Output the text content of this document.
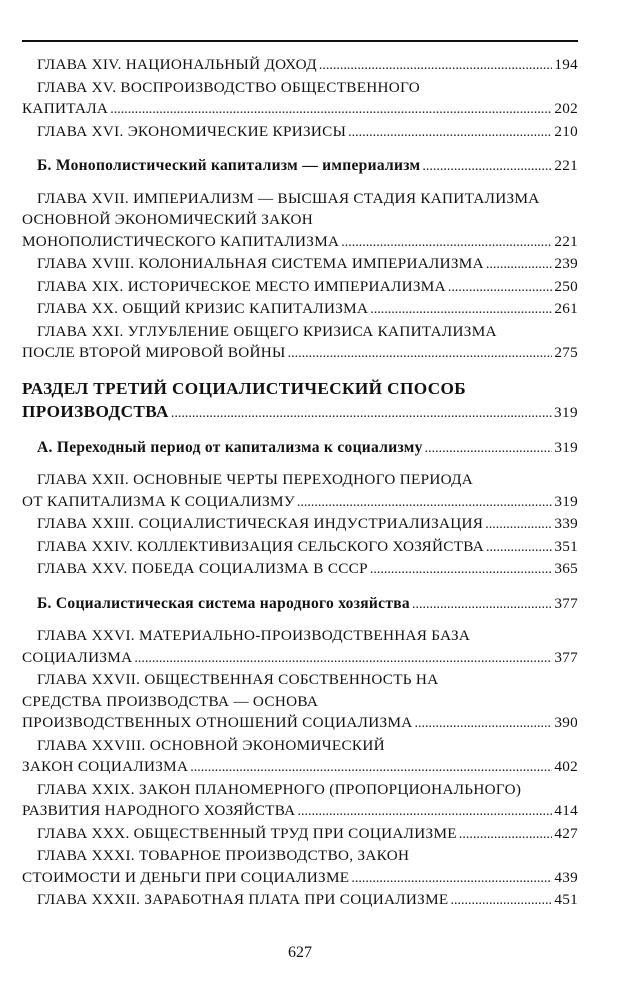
ГЛАВА XIV. НАЦИОНАЛЬНЫЙ ДОХОД .....	194
ГЛАВА XV. ВОСПРОИЗВОДСТВО ОБЩЕСТВЕННОГО
КАПИТАЛА .....	202
ГЛАВА XVI. ЭКОНОМИЧЕСКИЕ КРИЗИСЫ .....	210
Б. Монополистический капитализм — империализм .....	221
ГЛАВА XVII. ИМПЕРИАЛИЗМ — ВЫСШАЯ СТАДИЯ КАПИТАЛИЗМА
ОСНОВНОЙ ЭКОНОМИЧЕСКИЙ ЗАКОН
МОНОПОЛИСТИЧЕСКОГО КАПИТАЛИЗМА .....	221
ГЛАВА XVIII. КОЛОНИАЛЬНАЯ СИСТЕМА ИМПЕРИАЛИЗМА .....	239
ГЛАВА XIX. ИСТОРИЧЕСКОЕ МЕСТО ИМПЕРИАЛИЗМА .....	250
ГЛАВА XX. ОБЩИЙ КРИЗИС КАПИТАЛИЗМА .....	261
ГЛАВА XXI. УГЛУБЛЕНИЕ ОБЩЕГО КРИЗИСА КАПИТАЛИЗМА
ПОСЛЕ ВТОРОЙ МИРОВОЙ ВОЙНЫ .....	275
РАЗДЕЛ ТРЕТИЙ СОЦИАЛИСТИЧЕСКИЙ СПОСОБ
ПРОИЗВОДСТВА .....	319
А. Переходный период от капитализма к социализму .....	319
ГЛАВА XXII. ОСНОВНЫЕ ЧЕРТЫ ПЕРЕХОДНОГО ПЕРИОДА
ОТ КАПИТАЛИЗМА К СОЦИАЛИЗМУ .....	319
ГЛАВА XXIII. СОЦИАЛИСТИЧЕСКАЯ ИНДУСТРИАЛИЗАЦИЯ .....	339
ГЛАВА XXIV. КОЛЛЕКТИВИЗАЦИЯ СЕЛЬСКОГО ХОЗЯЙСТВА .....	351
ГЛАВА XXV. ПОБЕДА СОЦИАЛИЗМА В СССР .....	365
Б. Социалистическая система народного хозяйства .....	377
ГЛАВА XXVI. МАТЕРИАЛЬНО-ПРОИЗВОДСТВЕННАЯ БАЗА
СОЦИАЛИЗМА .....	377
ГЛАВА XXVII. ОБЩЕСТВЕННАЯ СОБСТВЕННОСТЬ НА
СРЕДСТВА ПРОИЗВОДСТВА — ОСНОВА
ПРОИЗВОДСТВЕННЫХ ОТНОШЕНИЙ СОЦИАЛИЗМА .....	390
ГЛАВА XXVIII. ОСНОВНОЙ ЭКОНОМИЧЕСКИЙ
ЗАКОН СОЦИАЛИЗМА .....	402
ГЛАВА XXIX. ЗАКОН ПЛАНОМЕРНОГО (ПРОПОРЦИОНАЛЬНОГО)
РАЗВИТИЯ НАРОДНОГО ХОЗЯЙСТВА .....	414
ГЛАВА XXX. ОБЩЕСТВЕННЫЙ ТРУД ПРИ СОЦИАЛИЗМЕ .....	427
ГЛАВА XXXI. ТОВАРНОЕ ПРОИЗВОДСТВО, ЗАКОН
СТОИМОСТИ И ДЕНЬГИ ПРИ СОЦИАЛИЗМЕ .....	439
ГЛАВА XXXII. ЗАРАБОТНАЯ ПЛАТА ПРИ СОЦИАЛИЗМЕ .....	451
627
